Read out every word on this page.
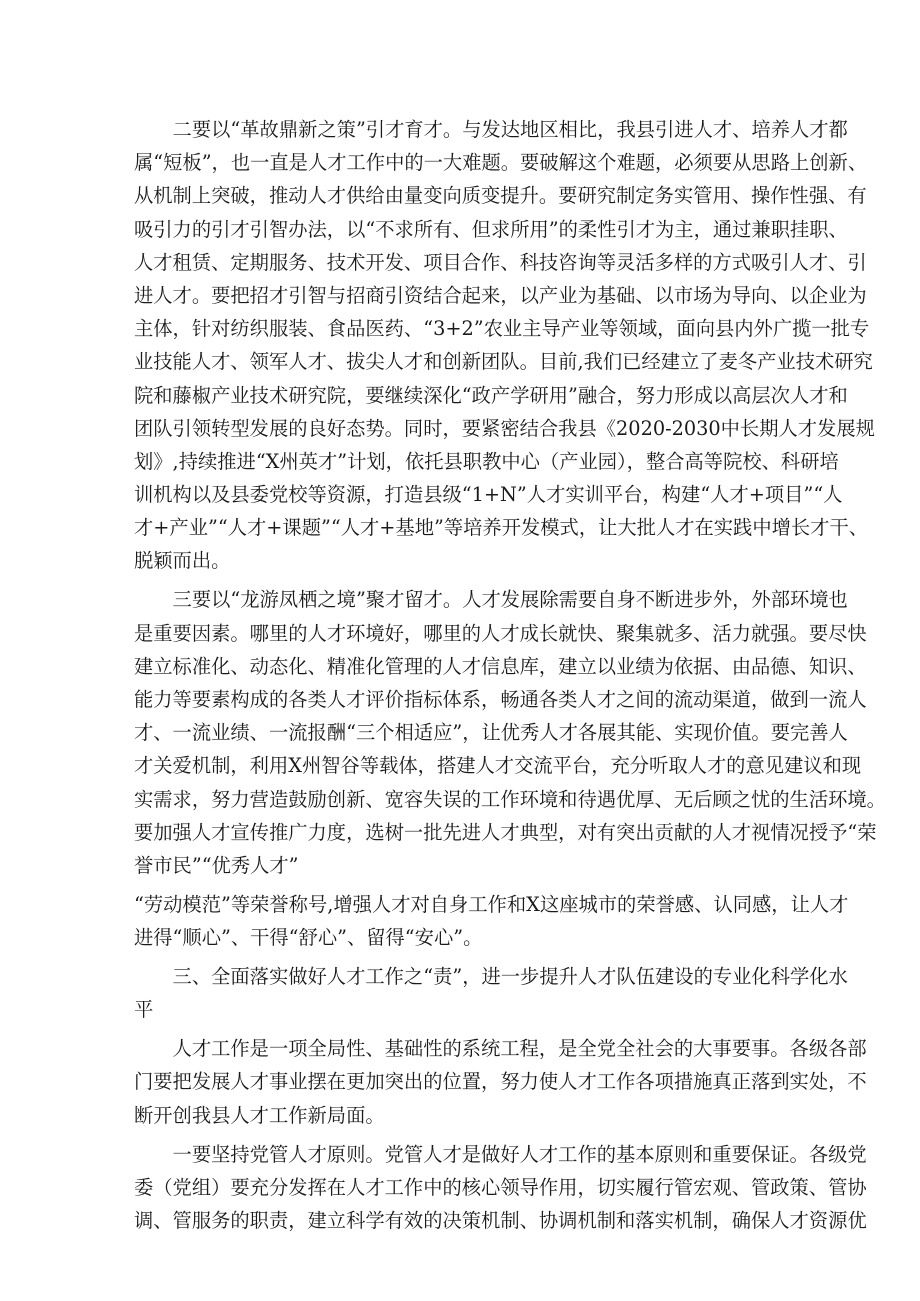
　　二要以“革故鼎新之策”引才育才。与发达地区相比，我县引进人才、培养人才都
属“短板”，也一直是人才工作中的一大难题。要破解这个难题，必须要从思路上创新、
从机制上突破，推动人才供给由量变向质变提升。要研究制定务实管用、操作性强、有
吸引力的引才引智办法，以“不求所有、但求所用”的柔性引才为主，通过兼职挂职、
人才租赁、定期服务、技术开发、项目合作、科技咨询等灵活多样的方式吸引人才、引
进人才。要把招才引智与招商引资结合起来，以产业为基础、以市场为导向、以企业为
主体，针对纺织服装、食品医药、“3+2”农业主导产业等领域，面向县内外广揽一批专
业技能人才、领军人才、拔尖人才和创新团队。目前,我们已经建立了麦冬产业技术研究
院和藤椒产业技术研究院，要继续深化“政产学研用”融合，努力形成以高层次人才和
团队引领转型发展的良好态势。同时，要紧密结合我县《2020-2030中长期人才发展规
划》,持续推进“X州英才”计划，依托县职教中心（产业园），整合高等院校、科研培
训机构以及县委党校等资源，打造县级“1+N”人才实训平台，构建“人才+项目”“人
才+产业”“人才+课题”“人才+基地”等培养开发模式，让大批人才在实践中增长才干、
脱颖而出。
　　三要以“龙游凤栖之境”聚才留才。人才发展除需要自身不断进步外，外部环境也
是重要因素。哪里的人才环境好，哪里的人才成长就快、聚集就多、活力就强。要尽快
建立标准化、动态化、精准化管理的人才信息库，建立以业绩为依据、由品德、知识、
能力等要素构成的各类人才评价指标体系，畅通各类人才之间的流动渠道，做到一流人
才、一流业绩、一流报酬“三个相适应”，让优秀人才各展其能、实现价值。要完善人
才关爱机制，利用X州智谷等载体，搭建人才交流平台，充分听取人才的意见建议和现
实需求，努力营造鼓励创新、宽容失误的工作环境和待遇优厚、无后顾之忧的生活环境。
要加强人才宣传推广力度，选树一批先进人才典型，对有突出贡献的人才视情况授予“荣
誉市民”“优秀人才”
“劳动模范”等荣誉称号,增强人才对自身工作和X这座城市的荣誉感、认同感，让人才
进得“顺心”、干得“舒心”、留得“安心”。
　　三、全面落实做好人才工作之“责”，进一步提升人才队伍建设的专业化科学化水
平
　　人才工作是一项全局性、基础性的系统工程，是全党全社会的大事要事。各级各部
门要把发展人才事业摆在更加突出的位置，努力使人才工作各项措施真正落到实处，不
断开创我县人才工作新局面。
　　一要坚持党管人才原则。党管人才是做好人才工作的基本原则和重要保证。各级党
委（党组）要充分发挥在人才工作中的核心领导作用，切实履行管宏观、管政策、管协
调、管服务的职责，建立科学有效的决策机制、协调机制和落实机制，确保人才资源优
